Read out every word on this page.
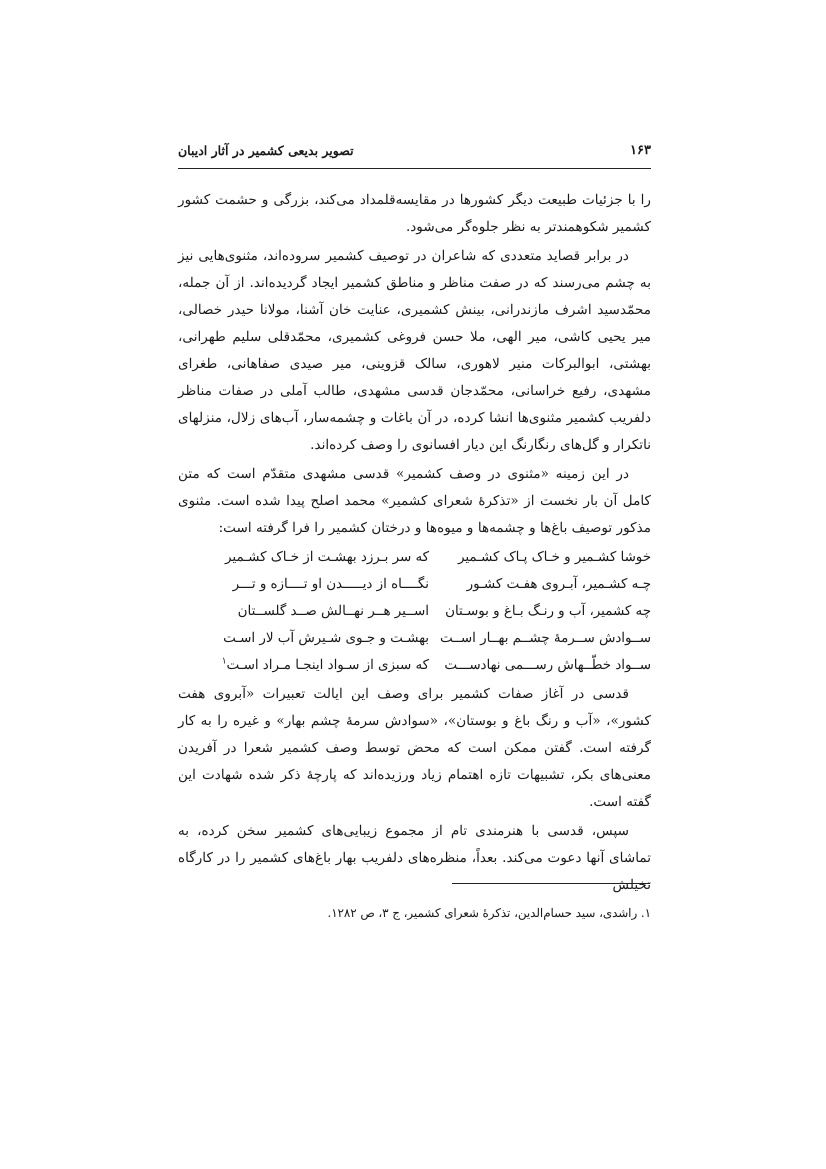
۱۶۳
تصویر بدیعی کشمیر در آثار ادیبان

را با جزئیات طبیعت دیگر کشورها در مقایسه‌قلمداد می‌کند، بزرگی و حشمت کشور کشمیر شکوهمندتر به نظر جلوه‌گر می‌شود.

در برابر قصاید متعددی که شاعران در توصیف کشمیر سروده‌اند، مثنوی‌هایی نیز به چشم می‌رسند که در صفت مناظر و مناطق کشمیر ایجاد گردیده‌اند. از آن جمله، محمّدسید اشرف مازندرانی، بینش کشمیری، عنایت خان آشنا، مولانا حیدر خصالی، میر یحیی کاشی، میر الهی، ملا حسن فروغی کشمیری، محمّدقلی سلیم طهرانی، بهشتی، ابوالبرکات منیر لاهوری، سالک قزوینی، میر صیدی صفاهانی، طغرای مشهدی، رفیع خراسانی، محمّدجان قدسی مشهدی، طالب آملی در صفات مناظر دلفریب کشمیر مثنوی‌ها انشا کرده، در آن باغات و چشمه‌سار، آب‌های زلال، منزلهای ناتکرار و گل‌های رنگارنگ این دیار افسانوی را وصف کرده‌اند.

در این زمینه «مثنوی در وصف کشمیر» قدسی مشهدی متقدّم است که متن کامل آن بار نخست از «تذکرهٔ شعرای کشمیر» محمد اصلح پیدا شده است. مثنوی مذکور توصیف باغ‌ها و چشمه‌ها و میوه‌ها و درختان کشمیر را فرا گرفته است:

خوشا کشـمیر و خـاک پـاک کشـمیر
که سر بـرزد بهشـت از خـاک کشـمیر
چـه کشـمیر، آبـروی هفـت کشـور
نگــــاه از دیـــــدن او تــــازه و تـــر
چه کشمیر، آب و رنـگ بـاغ و بوسـتان
اســیر هــر نهــالش صــد گلســتان
ســوادش ســرمهٔ چشــم بهــار اســت
بهشـت و جـوی شـیرش آب لار اسـت
ســواد خطّــهاش رســـمی نهادســـت
که سبزی از سـواد اینجـا مـراد اسـت$^۱$

قدسی در آغاز صفات کشمیر برای وصف این ایالت تعبیرات «آبروی هفت کشور»، «آب و رنگ باغ و بوستان»، «سوادش سرمهٔ چشم بهار» و غیره را به کار گرفته است. گفتن ممکن است که محض توسط وصف کشمیر شعرا در آفریدن معنی‌های بکر، تشبیهات تازه اهتمام زیاد ورزیده‌اند که پارچهٔ ذکر شده شهادت این گفته است.

سپس، قدسی با هنرمندی تام از مجموع زیبایی‌های کشمیر سخن کرده، به تماشای آنها دعوت می‌کند. بعداً، منظره‌های دلفریب بهار باغ‌های کشمیر را در کارگاه تخیلش

۱. راشدی، سید حسام‌الدین، تذکرهٔ شعرای کشمیر، ج ۳، ص ۱۲۸۲.
